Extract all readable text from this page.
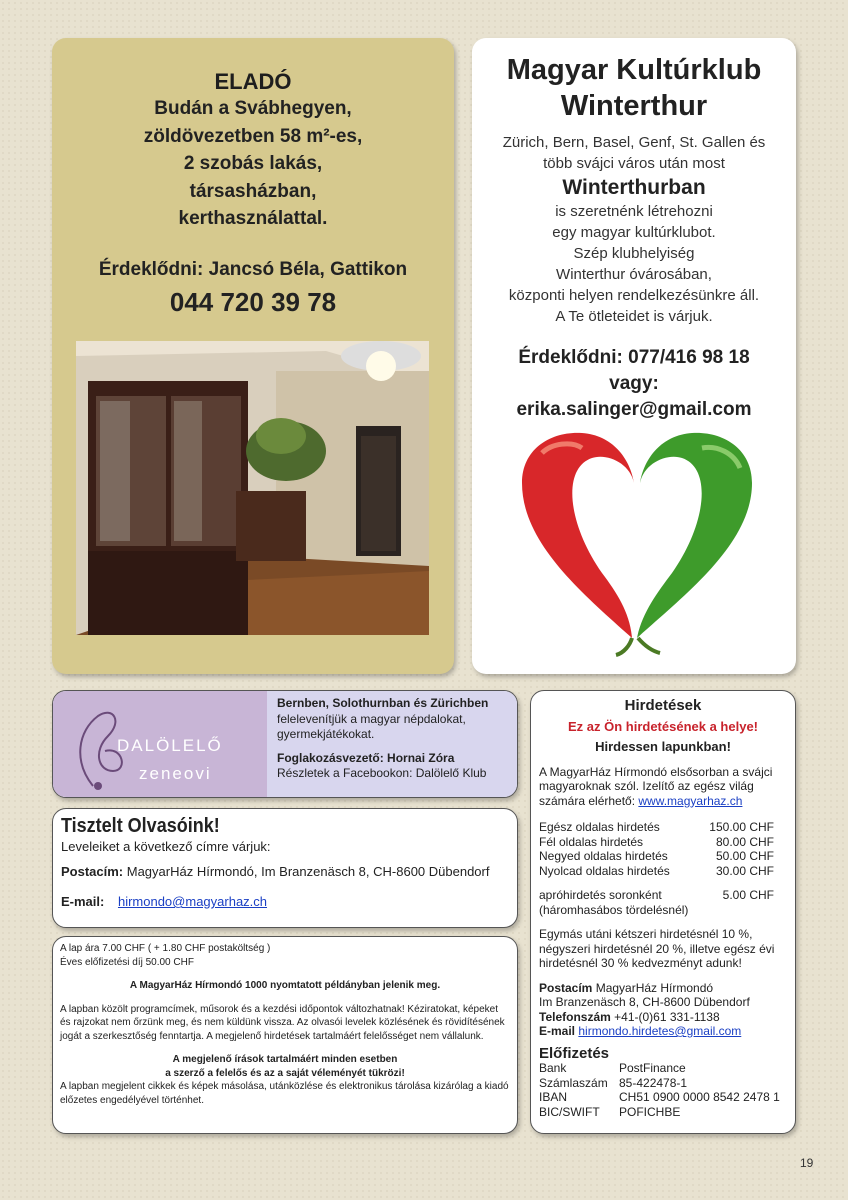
ELADÓ
Budán a Svábhegyen,
zöldövezetben 58 m²-es,
2 szobás lakás,
társasházban,
kerthasználattal.
Érdeklődni: Jancsó Béla, Gattikon
044 720 39 78
Magyar Kultúrklub
Winterthur
Zürich, Bern, Basel, Genf, St. Gallen és
több svájci város után most
Winterthurban
is szeretnénk létrehozni
egy magyar kultúrklubot.
Szép klubhelyiség
Winterthur óvárosában,
központi helyen rendelkezésünkre áll.
A Te ötleteidet is várjuk.
Érdeklődni: 077/416 98 18
vagy:
erika.salinger@gmail.com
DALÖLELŐ
zeneovi
Bernben, Solothurnban és Zürichben
felelevenítjük a magyar népdalokat,
gyermekjátékokat.
Foglakozásvezető: Hornai Zóra
Részletek a Facebookon: Dalölelő Klub
Tisztelt Olvasóink!
Leveleiket a következő címre várjuk:
Postacím: MagyarHáz Hírmondó, Im Branzenäsch 8, CH-8600 Dübendorf
E-mail: hirmondo@magyarhaz.ch
A lap ára 7.00 CHF ( + 1.80 CHF postaköltség )
Éves előfizetési díj 50.00 CHF
A MagyarHáz Hírmondó 1000 nyomtatott példányban jelenik meg.
A lapban közölt programcímek, műsorok és a kezdési időpontok változhatnak! Kéziratokat, képeket és rajzokat nem őrzünk meg, és nem küldünk vissza. Az olvasói levelek közlésének és rövidítésének jogát a szerkesztőség fenntartja. A megjelenő hirdetések tartalmáért felelősséget nem vállalunk.
A megjelenő írások tartalmáért minden esetben
a szerző a felelős és az a saját véleményét tükrözi!
A lapban megjelent cikkek és képek másolása, utánközlése és elektronikus tárolása kizárólag a kiadó előzetes engedélyével történhet.
Hirdetések
Ez az Ön hirdetésének a helye!
Hirdessen lapunkban!
A MagyarHáz Hírmondó elsősorban a svájci magyaroknak szól. Izelítő az egész világ számára elérhető: www.magyarhaz.ch
Egész oldalas hirdetés	150.00 CHF
Fél oldalas hirdetés	80.00 CHF
Negyed oldalas hirdetés	50.00 CHF
Nyolcad oldalas hirdetés	30.00 CHF
apróhirdetés soronként	5.00 CHF
(háromhasábos tördelésnél)
Egymás utáni kétszeri hirdetésnél 10 %, négyszeri hirdetésnél 20 %, illetve egész évi hirdetésnél 30 % kedvezményt adunk!
Postacím MagyarHáz Hírmondó
Im Branzenäsch 8, CH-8600 Dübendorf
Telefonszám +41-(0)61 331-1138
E-mail hirmondo.hirdetes@gmail.com
Előfizetés
Bank	PostFinance
Számlaszám 85-422478-1
IBAN	CH51 0900 0000 8542 2478 1
BIC/SWIFT	POFICHBE
19
